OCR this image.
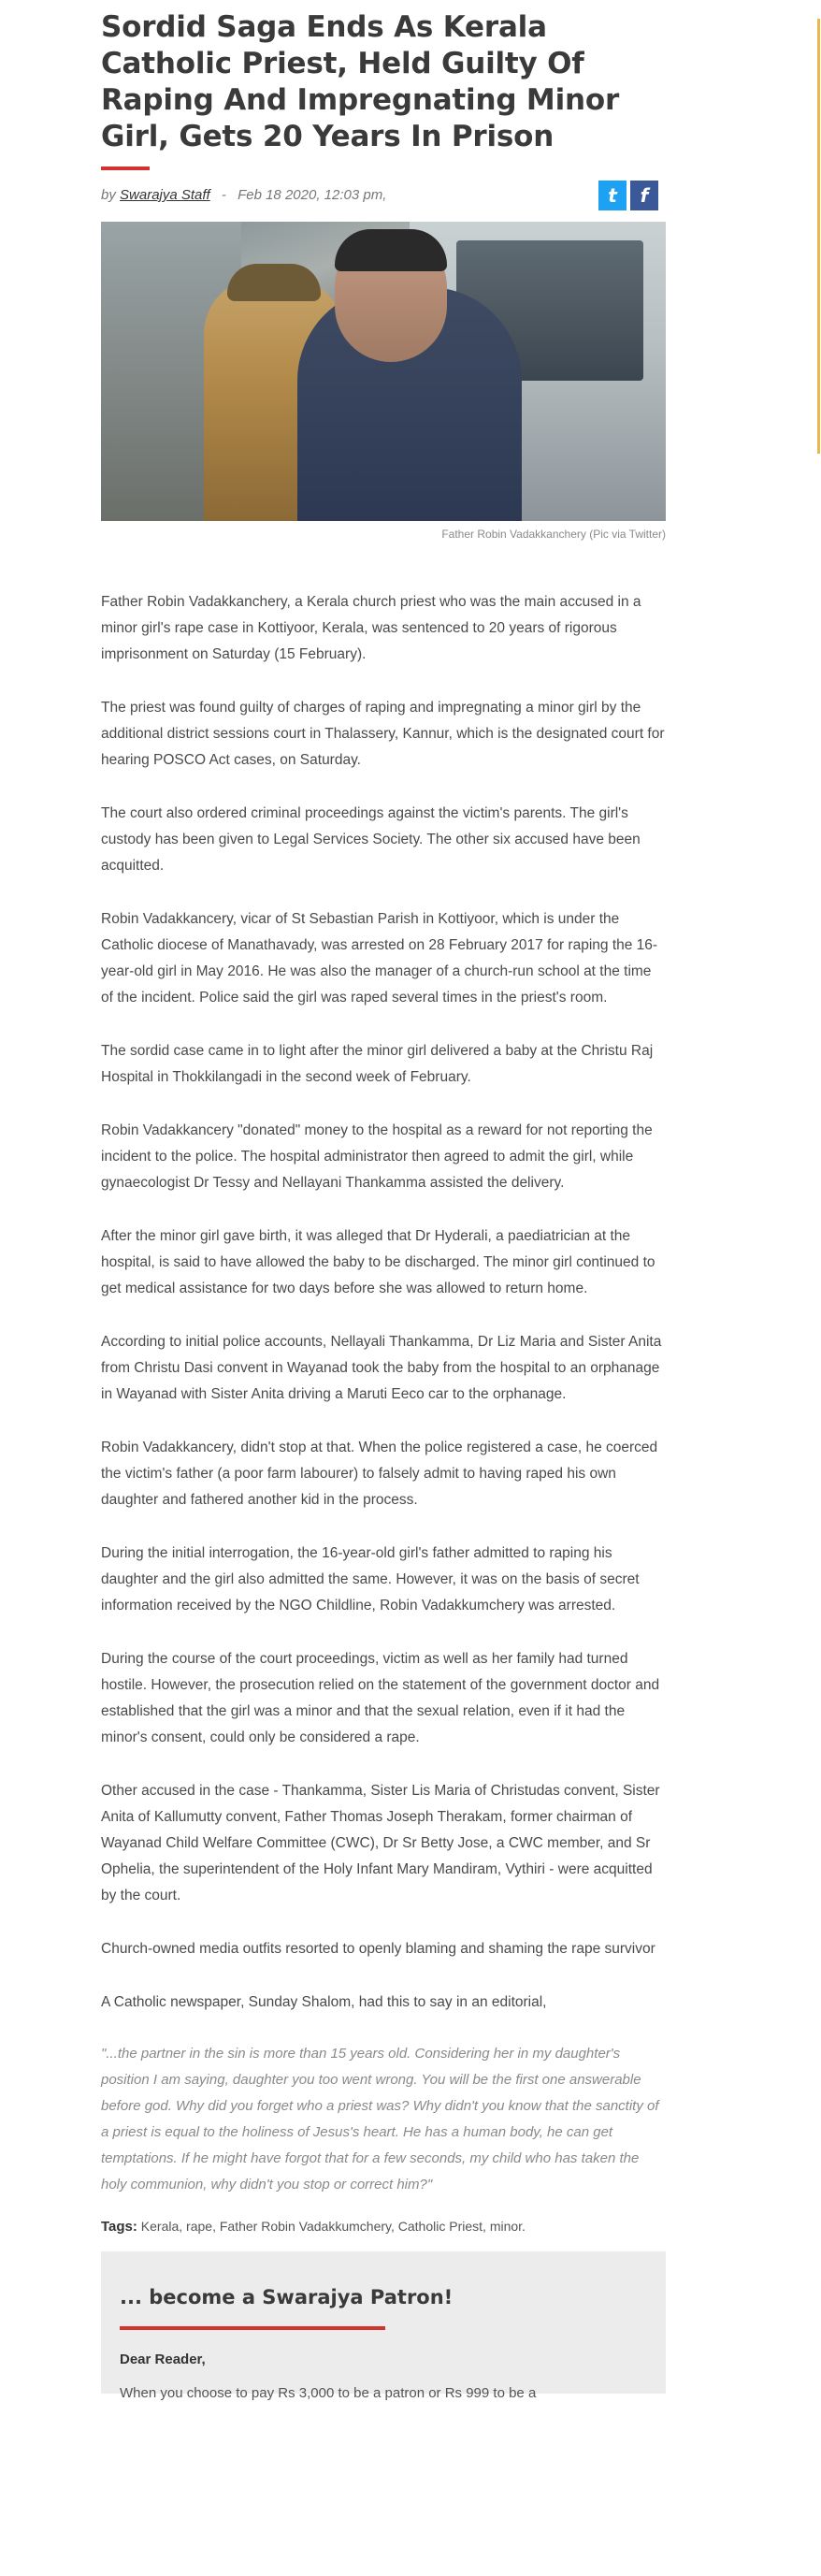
Sordid Saga Ends As Kerala Catholic Priest, Held Guilty Of Raping And Impregnating Minor Girl, Gets 20 Years In Prison
by Swarajya Staff - Feb 18 2020, 12:03 pm,	t f
Father Robin Vadakkanchery (Pic via Twitter)

Father Robin Vadakkanchery, a Kerala church priest who was the main accused in a minor girl's rape case in Kottiyoor, Kerala, was sentenced to 20 years of rigorous imprisonment on Saturday (15 February).

The priest was found guilty of charges of raping and impregnating a minor girl by the additional district sessions court in Thalassery, Kannur, which is the designated court for hearing POSCO Act cases, on Saturday.

The court also ordered criminal proceedings against the victim's parents. The girl's custody has been given to Legal Services Society. The other six accused have been acquitted.

Robin Vadakkancery, vicar of St Sebastian Parish in Kottiyoor, which is under the Catholic diocese of Manathavady, was arrested on 28 February 2017 for raping the 16-year-old girl in May 2016. He was also the manager of a church-run school at the time of the incident. Police said the girl was raped several times in the priest's room.

The sordid case came in to light after the minor girl delivered a baby at the Christu Raj Hospital in Thokkilangadi in the second week of February.

Robin Vadakkancery "donated" money to the hospital as a reward for not reporting the incident to the police. The hospital administrator then agreed to admit the girl, while gynaecologist Dr Tessy and Nellayani Thankamma assisted the delivery.

After the minor girl gave birth, it was alleged that Dr Hyderali, a paediatrician at the hospital, is said to have allowed the baby to be discharged. The minor girl continued to get medical assistance for two days before she was allowed to return home.

According to initial police accounts, Nellayali Thankamma, Dr Liz Maria and Sister Anita from Christu Dasi convent in Wayanad took the baby from the hospital to an orphanage in Wayanad with Sister Anita driving a Maruti Eeco car to the orphanage.

Robin Vadakkancery, didn't stop at that. When the police registered a case, he coerced the victim's father (a poor farm labourer) to falsely admit to having raped his own daughter and fathered another kid in the process.

During the initial interrogation, the 16-year-old girl's father admitted to raping his daughter and the girl also admitted the same. However, it was on the basis of secret information received by the NGO Childline, Robin Vadakkumchery was arrested.

During the course of the court proceedings, victim as well as her family had turned hostile. However, the prosecution relied on the statement of the government doctor and established that the girl was a minor and that the sexual relation, even if it had the minor's consent, could only be considered a rape.

Other accused in the case - Thankamma, Sister Lis Maria of Christudas convent, Sister Anita of Kallumutty convent, Father Thomas Joseph Therakam, former chairman of Wayanad Child Welfare Committee (CWC), Dr Sr Betty Jose, a CWC member, and Sr Ophelia, the superintendent of the Holy Infant Mary Mandiram, Vythiri - were acquitted by the court.

Church-owned media outfits resorted to openly blaming and shaming the rape survivor

A Catholic newspaper, Sunday Shalom, had this to say in an editorial,

"...the partner in the sin is more than 15 years old. Considering her in my daughter's position I am saying, daughter you too went wrong. You will be the first one answerable before god. Why did you forget who a priest was? Why didn't you know that the sanctity of a priest is equal to the holiness of Jesus's heart. He has a human body, he can get temptations. If he might have forgot that for a few seconds, my child who has taken the holy communion, why didn't you stop or correct him?"

Tags: Kerala, rape, Father Robin Vadakkumchery, Catholic Priest, minor.
... become a Swarajya Patron!
Dear Reader,
When you choose to pay Rs 3,000 to be a patron or Rs 999 to be a
